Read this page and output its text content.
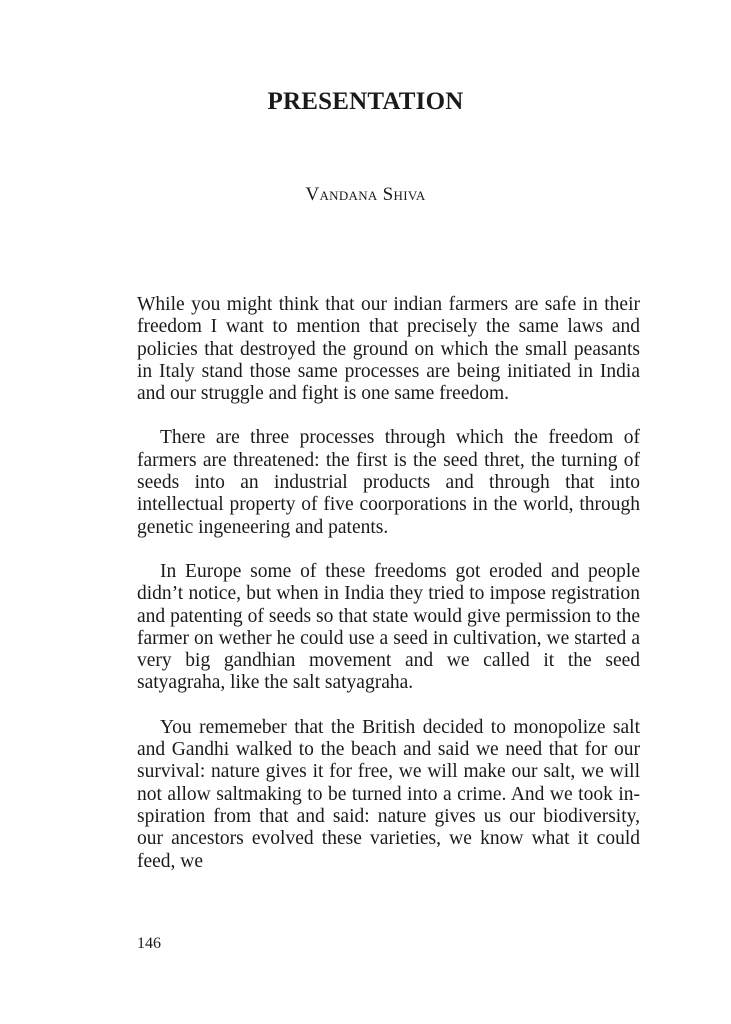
PRESENTATION

Vandana Shiva

While you might think that our indian farmers are safe in their freedom I want to mention that precisely the same laws and policies that destroyed the ground on which the small peasants in Italy stand those same processes are being initiated in India and our struggle and fight is one same freedom.

There are three processes through which the freedom of farmers are threatened: the first is the seed thret, the turning of seeds into an industrial products and through that into intellectual property of five coorporations in the world, through genetic ingeneering and patents.

In Europe some of these freedoms got eroded and people didn’t notice, but when in India they tried to impose registration and patenting of seeds so that state would give permission to the farmer on wether he could use a seed in cultivation, we started a very big gandhian movement and we called it the seed satyagraha, like the salt satyagraha.

You rememeber that the British decided to monopolize salt and Gandhi walked to the beach and said we need that for our survival: nature gives it for free, we will make our salt, we will not allow saltmaking to be turned into a crime. And we took inspiration from that and said: nature gives us our biodiversity, our ancestors evolved these varieties, we know what it could feed, we

146
